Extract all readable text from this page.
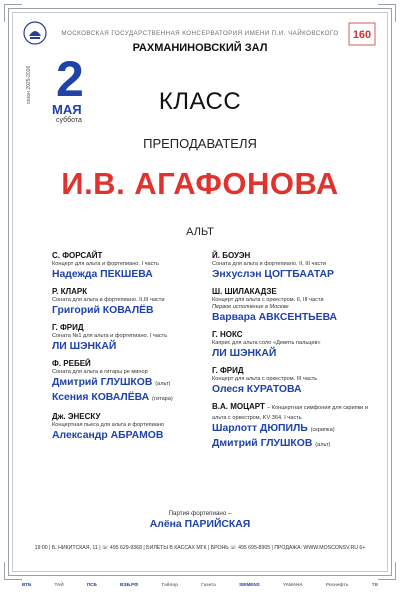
МОСКОВСКАЯ ГОСУДАРСТВЕННАЯ КОНСЕРВАТОРИЯ ИМЕНИ П.И. ЧАЙКОВСКОГО	160
РАХМАНИНОВСКИЙ ЗАЛ
сезон 2025-2026 2
МАЯ
суббота
КЛАСС
ПРЕПОДАВАТЕЛЯ
И.В. АГАФОНОВА
АЛЬТ
С. ФОРСАЙТ
Концерт для альта и фортепиано. I часть
Надежда ПЕКШЕВА
Р. КЛАРК
Соната для альта и фортепиано. II,III части
Григорий КОВАЛЁВ
Г. ФРИД
Соната №1 для альта и фортепиано. I часть
ЛИ ШЭНКАЙ
Ф. РЕБЕЙ
Соната для альта и гитары ре минор
Дмитрий ГЛУШКОВ (альт)
Ксения КОВАЛЁВА (гитара)
Дж. ЭНЕСКУ
Концертная пьеса для альта и фортепиано
Александр АБРАМОВ
Й. БОУЭН
Соната для альта и фортепиано. II, III части
Энхуслэн ЦОГТБААТАР
Ш. ШИЛАКАДЗЕ
Концерт для альта с оркестром. II, III части
Первое исполнение в Москве
Варвара АВКСЕНТЬЕВА
Г. НОКС
Каприс для альта соло «Девять пальцев»
ЛИ ШЭНКАЙ
Г. ФРИД
Концерт для альта с оркестром. III часть
Олеся КУРАТОВА
В.А. МОЦАРТ – Концертная симфония для скрипки и альта с оркестром, KV 364. I часть
Шарлотт ДЮПИЛЬ (скрипка)
Дмитрий ГЛУШКОВ (альт)
Партия фортепиано –
Алёна ПАРИЙСКАЯ
19:00 | Б. НИКИТСКАЯ, 11 | ☏ 495 629-9368 | БИЛЕТЫ В КАССАХ МГК | БРОНЬ ☏ 495 695-8905 | ПРОДАЖА: WWW.MOSCONSV.RU 6+
ВТБ	ТАЙ	ПСБ	ВЭБ.РФ	Тэйлор	Газета	SIEMENS	YAMAHA	Роснефть	ТВ
